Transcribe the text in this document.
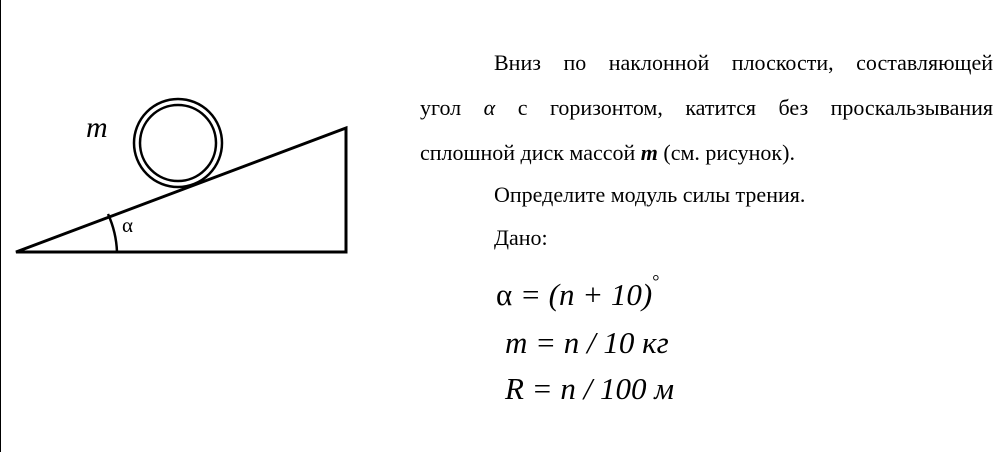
m
α
Вниз по наклонной плоскости, составляющей
угол α с горизонтом, катится без проскальзывания
сплошной диск массой m (см. рисунок).
Определите модуль силы трения.
Дано:
α = (n + 10)°
m = n / 10 кг
R = n / 100 м
